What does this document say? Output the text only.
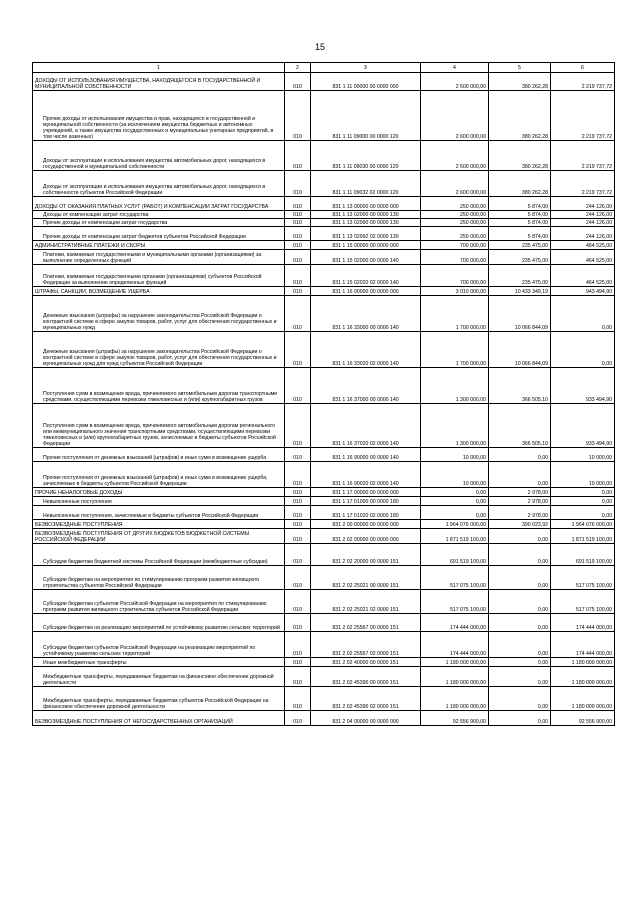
15
1	2	3	4	5	6
ДОХОДЫ ОТ ИСПОЛЬЗОВАНИЯ ИМУЩЕСТВА, НАХОДЯЩЕГОСЯ В ГОСУДАРСТВЕННОЙ И МУНИЦИПАЛЬНОЙ СОБСТВЕННОСТИ	010	831 1 11 00000 00 0000 000	2 600 000,00	380 262,28	2 219 737,72
Прочие доходы от использования имущества и прав, находящихся в государственной и муниципальной собственности (за исключением имущества бюджетных и автономных учреждений, а также имущества государственных и муниципальных унитарных предприятий, в том числе казенных)	010	831 1 11 09000 00 0000 120	2 600 000,00	380 262,28	2 219 737,72
Доходы от эксплуатации и использования имущества автомобильных дорог, находящихся в государственной и муниципальной собственности	010	831 1 11 09030 00 0000 120	2 600 000,00	380 262,28	2 219 737,72
Доходы от эксплуатации и использования имущества автомобильных дорог, находящихся в собственности субъектов Российской Федерации	010	831 1 11 09032 02 0000 120	2 600 000,00	380 262,28	2 219 737,72
ДОХОДЫ ОТ ОКАЗАНИЯ ПЛАТНЫХ УСЛУГ (РАБОТ) И КОМПЕНСАЦИИ ЗАТРАТ ГОСУДАРСТВА	010	831 1 13 00000 00 0000 000	250 000,00	5 874,00	244 126,00
Доходы от компенсации затрат государства	010	831 1 13 02000 00 0000 130	250 000,00	5 874,00	244 126,00
Прочие доходы от компенсации затрат государства	010	831 1 13 02990 00 0000 130	250 000,00	5 874,00	244 126,00
Прочие доходы от компенсации затрат бюджетов субъектов Российской Федерации	010	831 1 13 02992 02 0000 130	250 000,00	5 874,00	244 126,00
АДМИНИСТРАТИВНЫЕ ПЛАТЕЖИ И СБОРЫ	010	831 1 15 00000 00 0000 000	700 000,00	235 475,00	464 525,00
Платежи, взимаемые государственными и муниципальными органами (организациями) за выполнение определенных функций	010	831 1 15 02000 00 0000 140	700 000,00	235 475,00	464 525,00
Платежи, взимаемые государственными органами (организациями) субъектов Российской Федерации за выполнение определенных функций	010	831 1 15 02020 02 0000 140	700 000,00	235 475,00	464 525,00
ШТРАФЫ, САНКЦИИ, ВОЗМЕЩЕНИЕ УЩЕРБА	010	831 1 16 00000 00 0000 000	3 010 000,00	10 433 349,19	943 494,90
Денежные взыскания (штрафы) за нарушение законодательства Российской Федерации о контрактной системе в сфере закупок товаров, работ, услуг для обеспечения государственных и муниципальных нужд	010	831 1 16 33000 00 0000 140	1 700 000,00	10 066 844,09	0,00
Денежные взыскания (штрафы) за нарушение законодательства Российской Федерации о контрактной системе в сфере закупок товаров, работ, услуг для обеспечения государственных и муниципальных нужд для нужд субъектов Российской Федерации	010	831 1 16 33020 02 0000 140	1 700 000,00	10 066 844,09	0,00
Поступления сумм в возмещение вреда, причиняемого автомобильным дорогам транспортными средствами, осуществляющими перевозки тяжеловесных и (или) крупногабаритных грузов	010	831 1 16 37000 00 0000 140	1 300 000,00	366 505,10	933 494,90
Поступления сумм в возмещение вреда, причиняемого автомобильным дорогам регионального или межмуниципального значения транспортными средствами, осуществляющими перевозки тяжеловесных и (или) крупногабаритных грузов, зачисляемые в бюджеты субъектов Российской Федерации	010	831 1 16 37020 02 0000 140	1 300 000,00	366 505,10	933 494,90
Прочие поступления от денежных взысканий (штрафов) и иных сумм в возмещение ущерба	010	831 1 16 90000 00 0000 140	10 000,00	0,00	10 000,00
Прочие поступления от денежных взысканий (штрафов) и иных сумм в возмещение ущерба, зачисляемые в бюджеты субъектов Российской Федерации	010	831 1 16 90020 02 0000 140	10 000,00	0,00	10 000,00
ПРОЧИЕ НЕНАЛОГОВЫЕ ДОХОДЫ	010	831 1 17 00000 00 0000 000	0,00	2 978,00	0,00
Невыясненные поступления	010	831 1 17 01000 00 0000 180	0,00	2 978,00	0,00
Невыясненные поступления, зачисляемые в бюджеты субъектов Российской Федерации	010	831 1 17 01020 02 0000 180	0,00	2 978,00	0,00
БЕЗВОЗМЕЗДНЫЕ ПОСТУПЛЕНИЯ	010	831 2 00 00000 00 0000 000	1 964 076 000,00	390 023,92	1 964 076 000,00
БЕЗВОЗМЕЗДНЫЕ ПОСТУПЛЕНИЯ ОТ ДРУГИХ БЮДЖЕТОВ БЮДЖЕТНОЙ СИСТЕМЫ РОССИЙСКОЙ ФЕДЕРАЦИИ	010	831 2 02 00000 00 0000 000	1 871 519 100,00	0,00	1 871 519 100,00
Субсидии бюджетам бюджетной системы Российской Федерации (межбюджетные субсидии)	010	831 2 02 20000 00 0000 151	691 519 100,00	0,00	691 519 100,00
Субсидии бюджетам на мероприятия по стимулированию программ развития жилищного строительства субъектов Российской Федерации	010	831 2 02 25021 00 0000 151	517 075 100,00	0,00	517 075 100,00
Субсидии бюджетам субъектов Российской Федерации на мероприятия по стимулированию программ развития жилищного строительства субъектов Российской Федерации	010	831 2 02 25021 02 0000 151	517 075 100,00	0,00	517 075 100,00
Субсидии бюджетам на реализацию мероприятий по устойчивому развитию сельских территорий	010	831 2 02 25567 00 0000 151	174 444 000,00	0,00	174 444 000,00
Субсидии бюджетам субъектов Российской Федерации на реализацию мероприятий по устойчивому развитию сельских территорий	010	831 2 02 25567 02 0000 151	174 444 000,00	0,00	174 444 000,00
Иные межбюджетные трансферты	010	831 2 02 40000 00 0000 151	1 180 000 000,00	0,00	1 180 000 000,00
Межбюджетные трансферты, передаваемые бюджетам на финансовое обеспечение дорожной деятельности	010	831 2 02 45390 00 0000 151	1 180 000 000,00	0,00	1 180 000 000,00
Межбюджетные трансферты, передаваемые бюджетам субъектов Российской Федерации на финансовое обеспечение дорожной деятельности	010	831 2 02 45390 02 0000 151	1 180 000 000,00	0,00	1 180 000 000,00
БЕЗВОЗМЕЗДНЫЕ ПОСТУПЛЕНИЯ ОТ НЕГОСУДАРСТВЕННЫХ ОРГАНИЗАЦИЙ	010	831 2 04 00000 00 0000 000	92 556 900,00	0,00	92 556 900,00
